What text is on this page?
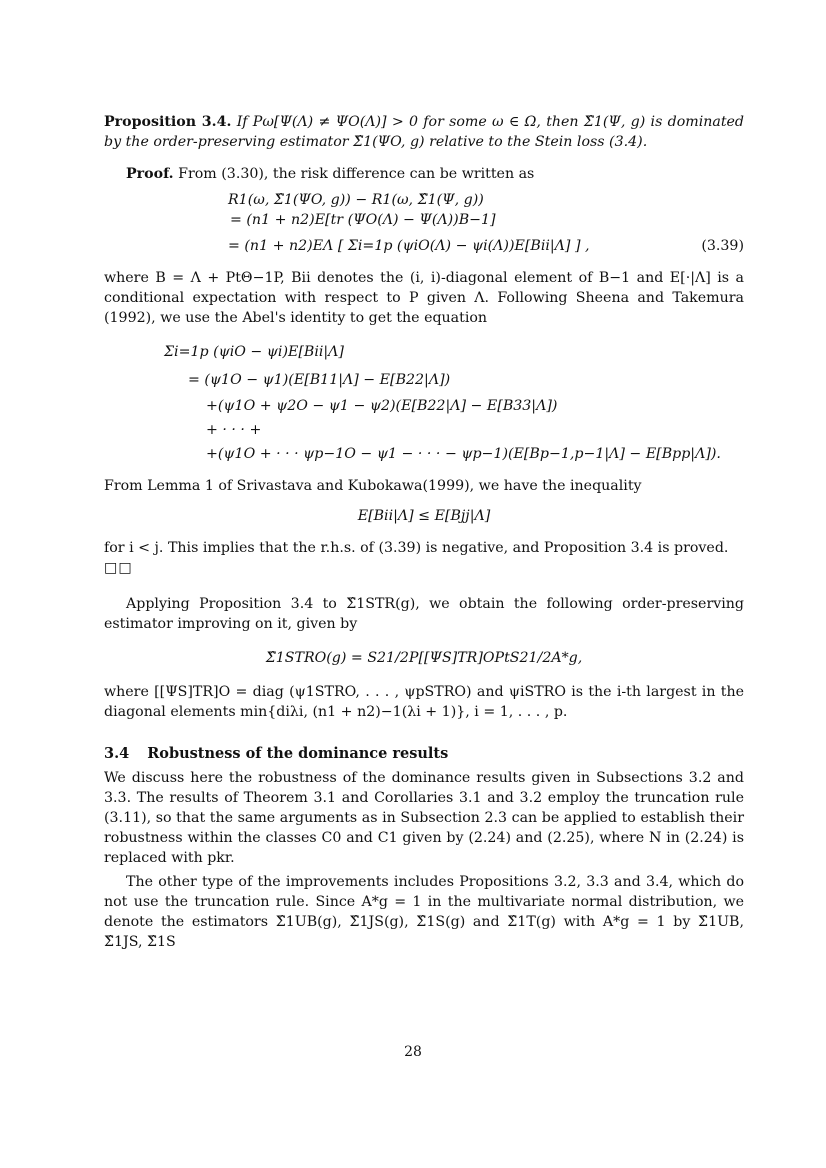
Proposition 3.4. If Pω[Ψ(Λ) ≠ ΨO(Λ)] > 0 for some ω ∈ Ω, then Σ̂1(Ψ, g) is dominated by the order-preserving estimator Σ̂1(ΨO, g) relative to the Stein loss (3.4).

Proof. From (3.30), the risk difference can be written as

R1(ω, Σ̂1(ΨO, g)) − R1(ω, Σ̂1(Ψ, g))
= (n1 + n2)E[tr (ΨO(Λ) − Ψ(Λ))B−1]
= (n1 + n2)EΛ [ Σi=1p (ψiO(Λ) − ψi(Λ))E[Bii|Λ] ] ,	(3.39)

where B = Λ + PtΘ−1P, Bii denotes the (i, i)-diagonal element of B−1 and E[·|Λ] is a conditional expectation with respect to P given Λ. Following Sheena and Takemura (1992), we use the Abel's identity to get the equation

Σi=1p (ψiO − ψi)E[Bii|Λ]
= (ψ1O − ψ1)(E[B11|Λ] − E[B22|Λ])
+(ψ1O + ψ2O − ψ1 − ψ2)(E[B22|Λ] − E[B33|Λ])
+ · · · +
+(ψ1O + · · · ψp−1O − ψ1 − · · · − ψp−1)(E[Bp−1,p−1|Λ] − E[Bpp|Λ]).

From Lemma 1 of Srivastava and Kubokawa(1999), we have the inequality

E[Bii|Λ] ≤ E[Bjj|Λ]

for i < j. This implies that the r.h.s. of (3.39) is negative, and Proposition 3.4 is proved.

□□

Applying Proposition 3.4 to Σ̂1STR(g), we obtain the following order-preserving estimator improving on it, given by

Σ̂1STRO(g) = S21/2P[[ΨS]TR]OPtS21/2A*g,

where [[ΨS]TR]O = diag (ψ1STRO, . . . , ψpSTRO) and ψiSTRO is the i-th largest in the diagonal elements min{diλi, (n1 + n2)−1(λi + 1)}, i = 1, . . . , p.

3.4 Robustness of the dominance results

We discuss here the robustness of the dominance results given in Subsections 3.2 and 3.3. The results of Theorem 3.1 and Corollaries 3.1 and 3.2 employ the truncation rule (3.11), so that the same arguments as in Subsection 2.3 can be applied to establish their robustness within the classes C0 and C1 given by (2.24) and (2.25), where N in (2.24) is replaced with pkr.

The other type of the improvements includes Propositions 3.2, 3.3 and 3.4, which do not use the truncation rule. Since A*g = 1 in the multivariate normal distribution, we denote the estimators Σ̂1UB(g), Σ̂1JS(g), Σ̂1S(g) and Σ̂1T(g) with A*g = 1 by Σ̂1UB, Σ̂1JS, Σ̂1S

28
